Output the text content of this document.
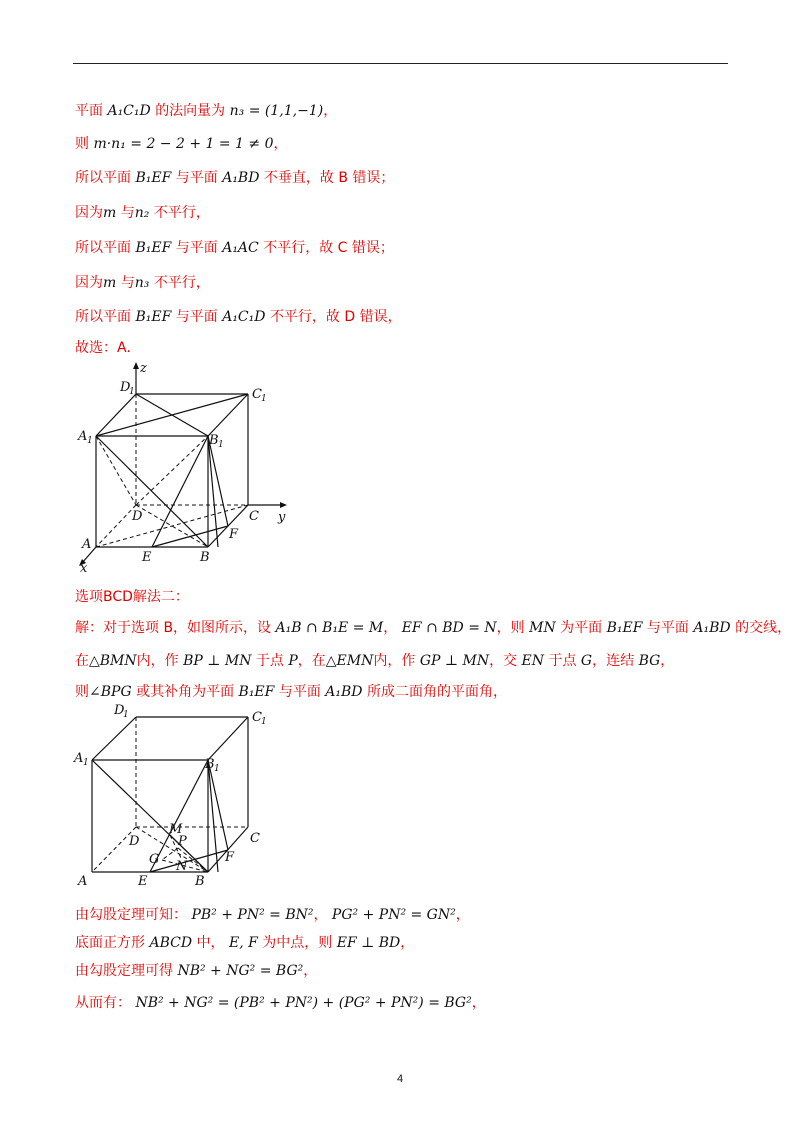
平面 A₁C₁D 的法向量为 n₃ = (1,1,−1)，
则 m·n₁ = 2 − 2 + 1 = 1 ≠ 0，
所以平面 B₁EF 与平面 A₁BD 不垂直，故 B 错误；
因为m 与n₂ 不平行，
所以平面 B₁EF 与平面 A₁AC 不平行，故 C 错误；
因为m 与n₃ 不平行，
所以平面 B₁EF 与平面 A₁C₁D 不平行，故 D 错误，
故选：A.
z
y
x
D
1	C 1
A 1	B 1
D	C
F
A
E	B
选项BCD解法二：
解：对于选项 B，如图所示，设 A₁B ∩ B₁E = M， EF ∩ BD = N，则 MN 为平面 B₁EF 与平面 A₁BD 的交线，
在△BMN内，作 BP ⊥ MN 于点 P，在△EMN内，作 GP ⊥ MN，交 EN 于点 G，连结 BG，
则∠BPG 或其补角为平面 B₁EF 与平面 A₁BD 所成二面角的平面角，
D
1	C 1
A 1	B 1
M
P
D	C
G N
F
A	E	B
由勾股定理可知： PB² + PN² = BN²， PG² + PN² = GN²，
底面正方形 ABCD 中， E, F 为中点，则 EF ⊥ BD，
由勾股定理可得 NB² + NG² = BG²，
从而有： NB² + NG² = (PB² + PN²) + (PG² + PN²) = BG²，
4
